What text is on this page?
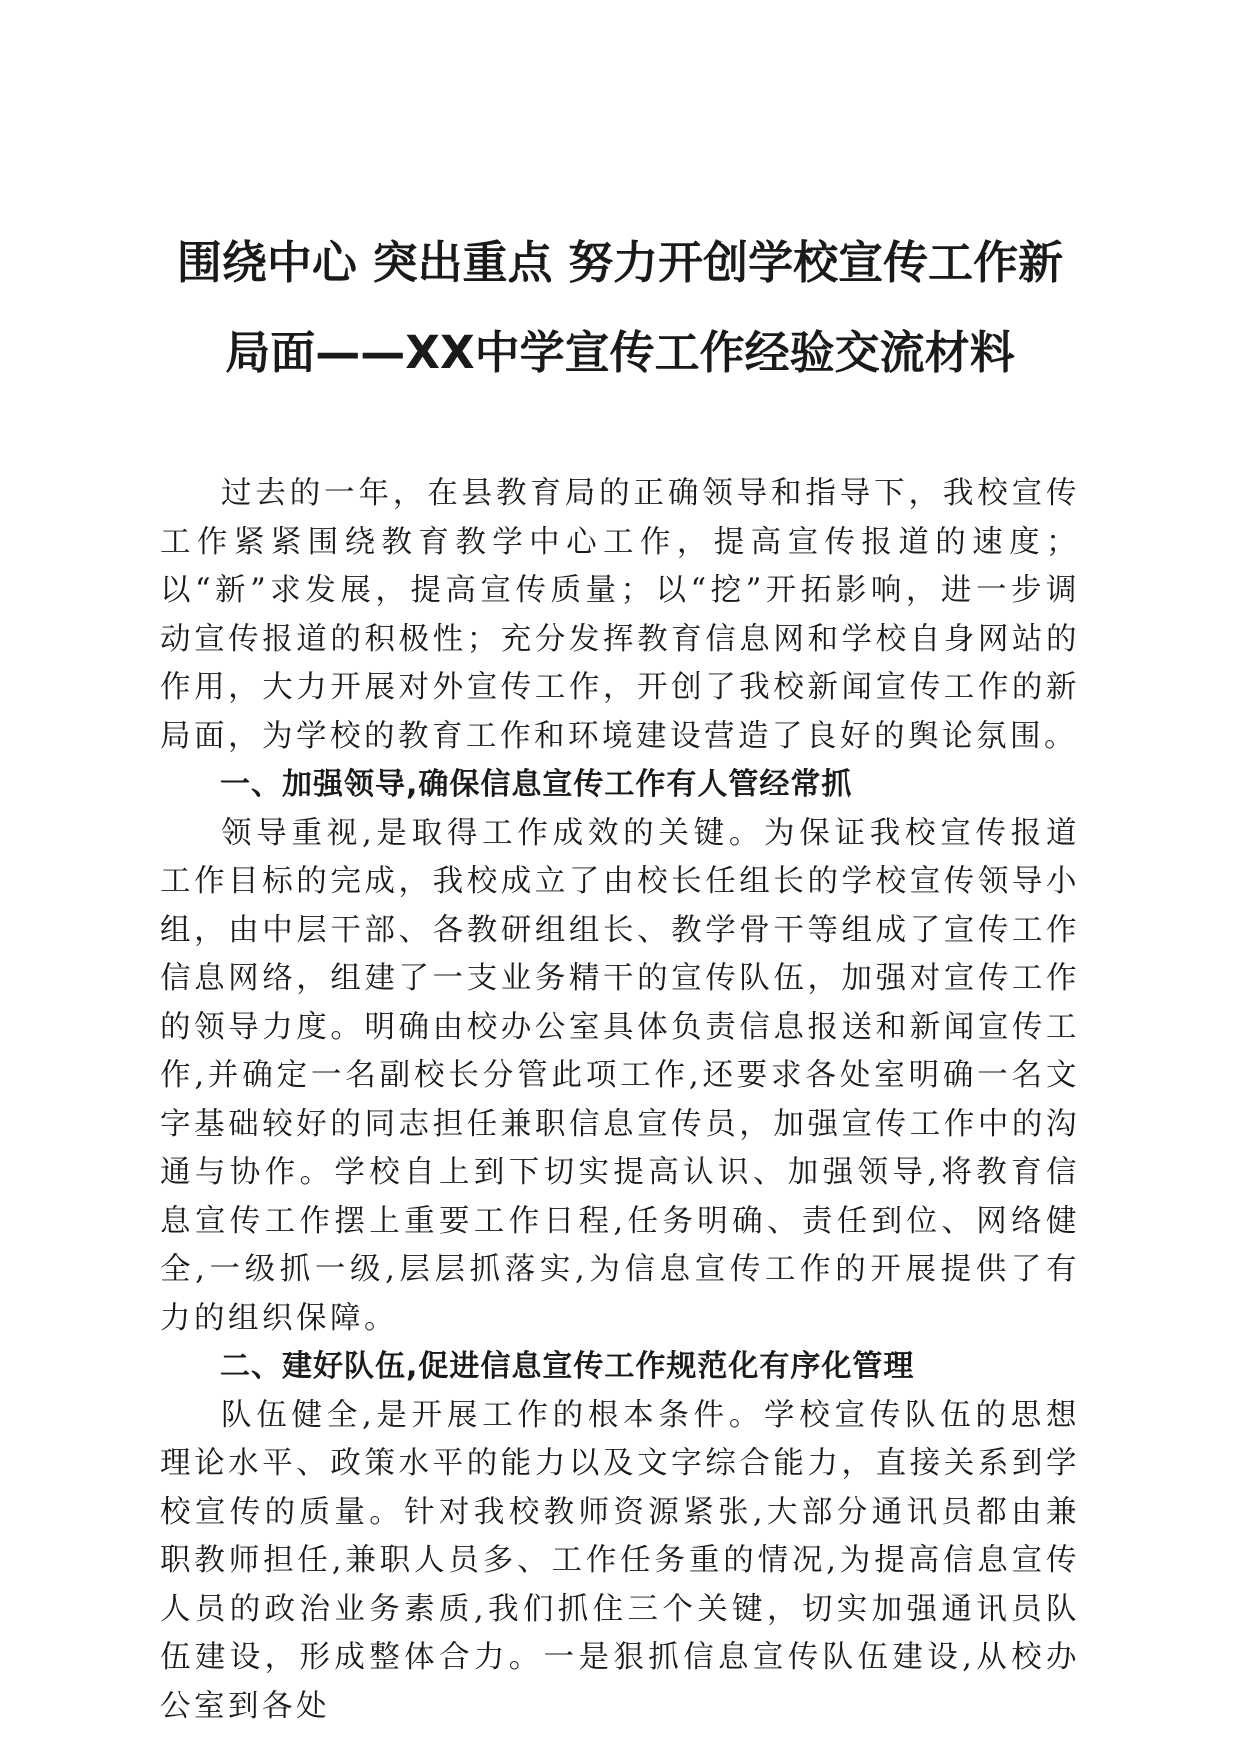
围绕中心 突出重点 努力开创学校宣传工作新
局面——XX中学宣传工作经验交流材料

过去的一年，在县教育局的正确领导和指导下，我校宣传工作紧紧围绕教育教学中心工作，提高宣传报道的速度；以“新”求发展，提高宣传质量；以“挖”开拓影响，进一步调动宣传报道的积极性；充分发挥教育信息网和学校自身网站的作用，大力开展对外宣传工作，开创了我校新闻宣传工作的新局面，为学校的教育工作和环境建设营造了良好的舆论氛围。

一、加强领导,确保信息宣传工作有人管经常抓

领导重视,是取得工作成效的关键。为保证我校宣传报道工作目标的完成，我校成立了由校长任组长的学校宣传领导小组，由中层干部、各教研组组长、教学骨干等组成了宣传工作信息网络，组建了一支业务精干的宣传队伍，加强对宣传工作的领导力度。明确由校办公室具体负责信息报送和新闻宣传工作,并确定一名副校长分管此项工作,还要求各处室明确一名文字基础较好的同志担任兼职信息宣传员，加强宣传工作中的沟通与协作。学校自上到下切实提高认识、加强领导,将教育信息宣传工作摆上重要工作日程,任务明确、责任到位、网络健全,一级抓一级,层层抓落实,为信息宣传工作的开展提供了有力的组织保障。

二、建好队伍,促进信息宣传工作规范化有序化管理

队伍健全,是开展工作的根本条件。学校宣传队伍的思想理论水平、政策水平的能力以及文字综合能力，直接关系到学校宣传的质量。针对我校教师资源紧张,大部分通讯员都由兼职教师担任,兼职人员多、工作任务重的情况,为提高信息宣传人员的政治业务素质,我们抓住三个关键，切实加强通讯员队伍建设，形成整体合力。一是狠抓信息宣传队伍建设,从校办公室到各处
